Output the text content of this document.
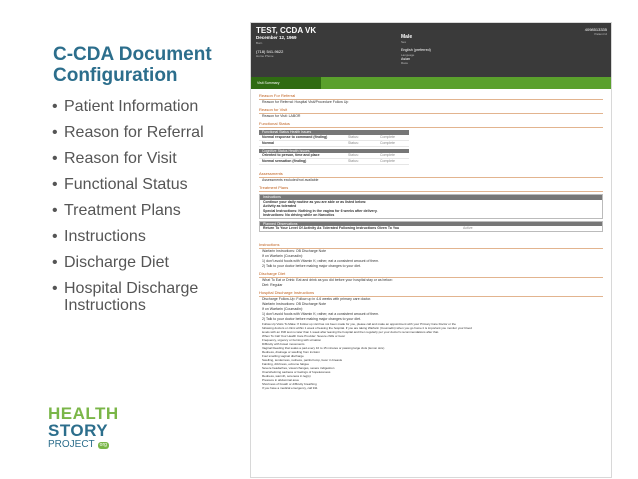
C-CDA Document Configuration
• Patient Information
• Reason for Referral
• Reason for Visit
• Functional Status
• Treatment Plans
• Instructions
• Discharge Diet
• Hospital Discharge Instructions
HEALTH
STORY
PROJECT	org
TEST, CCDA VK
December 12, 1969
Born
(718) 541-9622
Home Phone
Male
Sex
English (preferred)
Language
Asian
Race
4098513335
Patient Id
Visit Summary
Reason For Referral
Reason for Referral: Hospital Visit/Procedure Follow Up
Reason for Visit
Reason for Visit: LABOR
Functional Status
Functional Status Health Issues
Normal response to command (finding)	Status:	Complete
Normal	Status:	Complete
Cognitive Status Health Issues
Oriented to person, time and place	Status:	Complete
Normal sensation (finding)	Status:	Complete
Assessments
Assessments excluded/not available
Treatment Plans
Instructions
Continue your daily routine as you are able or as listed below:
Activity as tolerated
Special Instructions: Nothing in the vagina for 6 weeks after delivery.
Instructions: No driving while on Narcotics
Planned Observations
Return To Your Level Of Activity As Tolerated Following Instructions Given To You	Active
Instructions
Warfarin Instructions: OB Discharge Note
If on Warfarin (Coumadin):
1) don't avoid foods with Vitamin K; rather, eat a consistent amount of them.
2) Talk to your doctor before making major changes to your diet.
Discharge Diet
What To Eat or Drink: Eat and drink as you did before your hospital stay or as below:
Diet: Regular
Hospital Discharge Instructions
Discharge Follow-Up: Follow up in 4-6 weeks with primary care doctor.
Warfarin Instructions: OB Discharge Note
If on Warfarin (Coumadin):
1) don't avoid foods with Vitamin K; rather, eat a consistent amount of them.
2) Talk to your doctor before making major changes to your diet.
Follow-Up Visits To Make: If Follow up visit has not been made for you, please call and make an appointment with your Primary Care Doctor or the
following doctors or clinic within 1 week of leaving the hospital. If you are taking Warfarin (Coumadin) when you go home it is important you monitor your blood
levels with an INR test no later than 1 week after leaving the hospital and then regularly per your doctor's recommendations after that.
When To Call Your Health Care Provider: Severe chills or fever
Frequency, urgency or burning with urination
Difficulty with bowel movements
Vaginal bleeding that soaks a pad every 10 to 15 minutes or passing large clots (lemon size)
Redness, drainage or swelling from incision
Foul smelling vaginal discharge
Swelling, tenderness, redness, painful lump, fever in breasts
Fainting, dizziness, extreme fatigue
Severe headaches, visual changes, severe indigestion
Overwhelming sadness or feelings of hopelessness
Redness, warmth, soreness in leg(s)
Pressure in abdominal area
Shortness of breath or difficulty breathing
If you have a medical emergency, call 911
